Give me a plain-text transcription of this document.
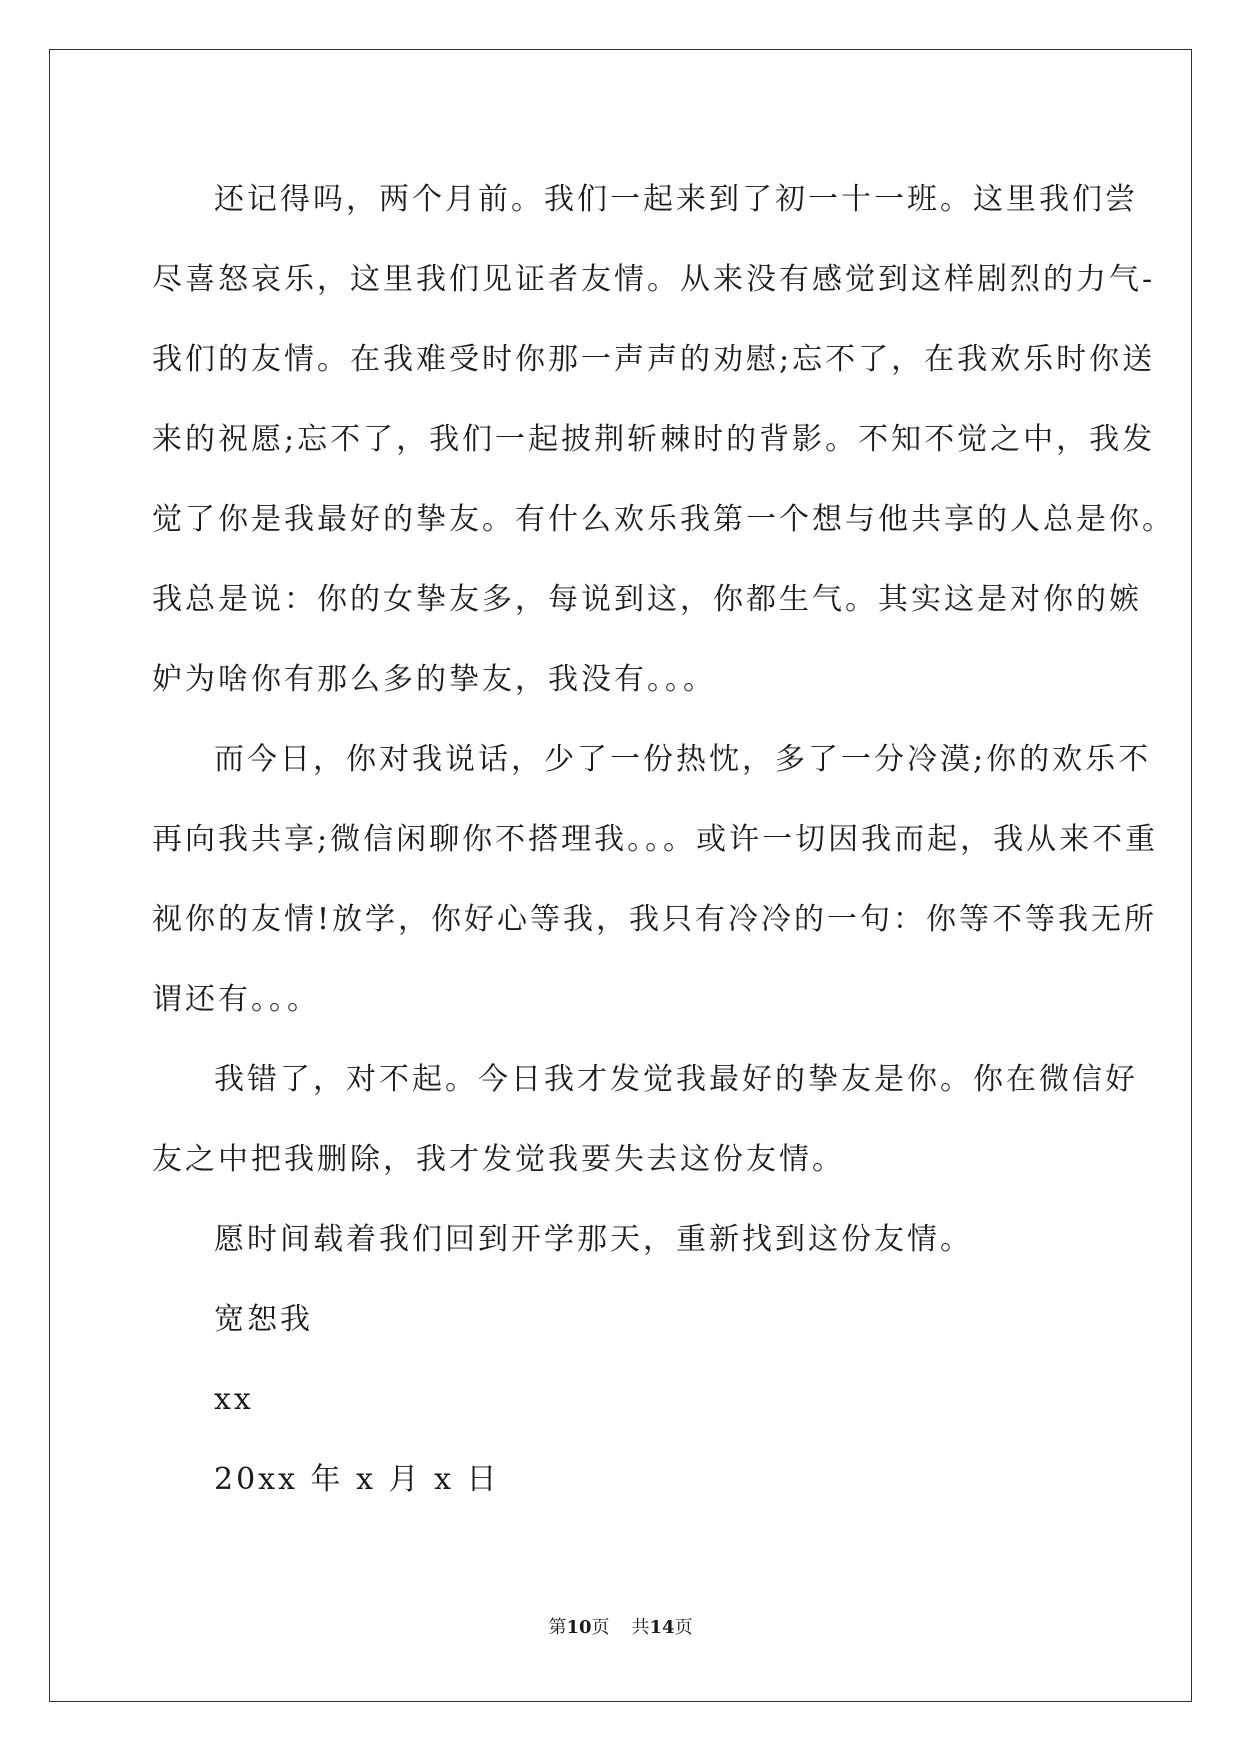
还记得吗，两个月前。我们一起来到了初一十一班。这里我们尝
尽喜怒哀乐，这里我们见证者友情。从来没有感觉到这样剧烈的力气-
我们的友情。在我难受时你那一声声的劝慰;忘不了，在我欢乐时你送
来的祝愿;忘不了，我们一起披荆斩棘时的背影。不知不觉之中，我发
觉了你是我最好的挚友。有什么欢乐我第一个想与他共享的人总是你。
我总是说：你的女挚友多，每说到这，你都生气。其实这是对你的嫉
妒为啥你有那么多的挚友，我没有。。。
而今日，你对我说话，少了一份热忱，多了一分冷漠;你的欢乐不
再向我共享;微信闲聊你不搭理我。。。或许一切因我而起，我从来不重
视你的友情!放学，你好心等我，我只有冷冷的一句：你等不等我无所
谓还有。。。
我错了，对不起。今日我才发觉我最好的挚友是你。你在微信好
友之中把我删除，我才发觉我要失去这份友情。
愿时间载着我们回到开学那天，重新找到这份友情。
宽恕我
xx
20xx 年 x 月 x 日
第10页 共14页
